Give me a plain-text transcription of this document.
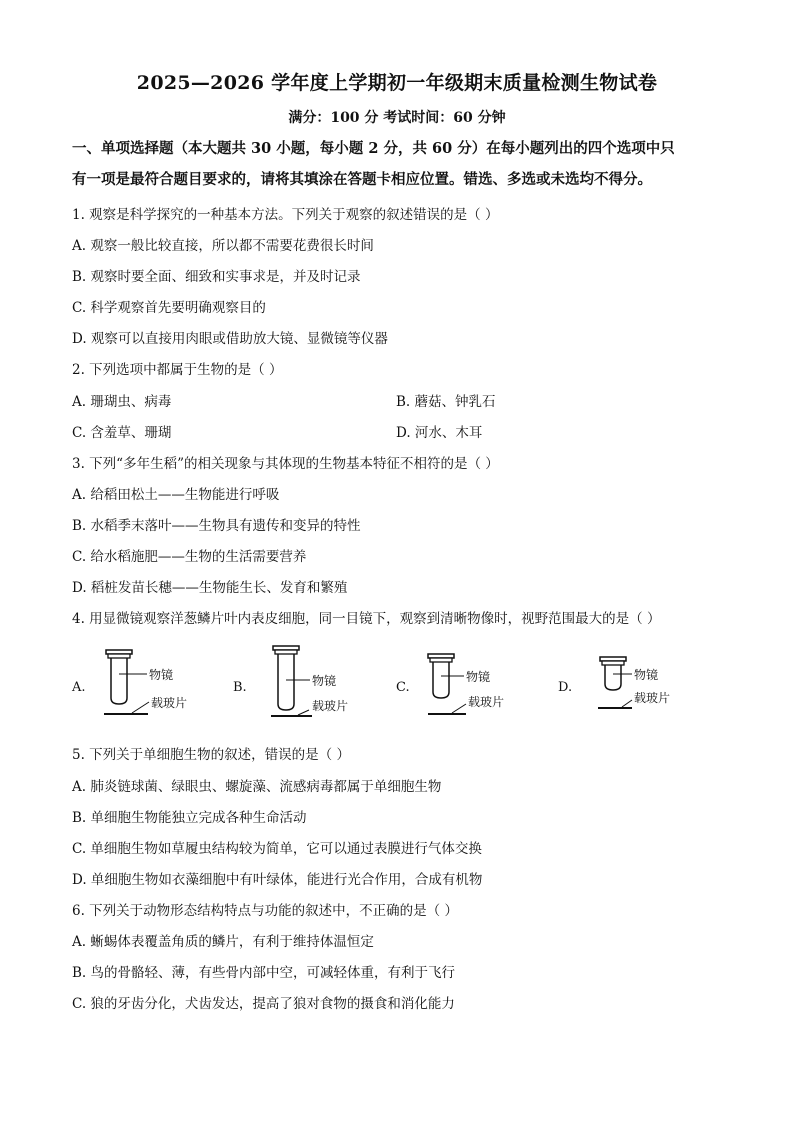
2025—2026 学年度上学期初一年级期末质量检测生物试卷
满分：100 分 考试时间：60 分钟
一、单项选择题（本大题共 30 小题，每小题 2 分，共 60 分）在每小题列出的四个选项中只
有一项是最符合题目要求的，请将其填涂在答题卡相应位置。错选、多选或未选均不得分。
1. 观察是科学探究的一种基本方法。下列关于观察的叙述错误的是（ ）
A. 观察一般比较直接，所以都不需要花费很长时间
B. 观察时要全面、细致和实事求是，并及时记录
C. 科学观察首先要明确观察目的
D. 观察可以直接用肉眼或借助放大镜、显微镜等仪器
2. 下列选项中都属于生物的是（ ）
A. 珊瑚虫、病毒	B. 蘑菇、钟乳石
C. 含羞草、珊瑚	D. 河水、木耳
3. 下列“多年生稻”的相关现象与其体现的生物基本特征不相符的是（ ）
A. 给稻田松土——生物能进行呼吸
B. 水稻季末落叶——生物具有遗传和变异的特性
C. 给水稻施肥——生物的生活需要营养
D. 稻桩发苗长穗——生物能生长、发育和繁殖
4. 用显微镜观察洋葱鳞片叶内表皮细胞，同一目镜下，观察到清晰物像时，视野范围最大的是（ ）
A.
物镜
载玻片
B.	物镜
载玻片
C.
物镜
载玻片
D.
物镜
载玻片
5. 下列关于单细胞生物的叙述，错误的是（ ）
A. 肺炎链球菌、绿眼虫、螺旋藻、流感病毒都属于单细胞生物
B. 单细胞生物能独立完成各种生命活动
C. 单细胞生物如草履虫结构较为简单，它可以通过表膜进行气体交换
D. 单细胞生物如衣藻细胞中有叶绿体，能进行光合作用，合成有机物
6. 下列关于动物形态结构特点与功能的叙述中，不正确的是（ ）
A. 蜥蜴体表覆盖角质的鳞片，有利于维持体温恒定
B. 鸟的骨骼轻、薄，有些骨内部中空，可减轻体重，有利于飞行
C. 狼的牙齿分化，犬齿发达，提高了狼对食物的摄食和消化能力
